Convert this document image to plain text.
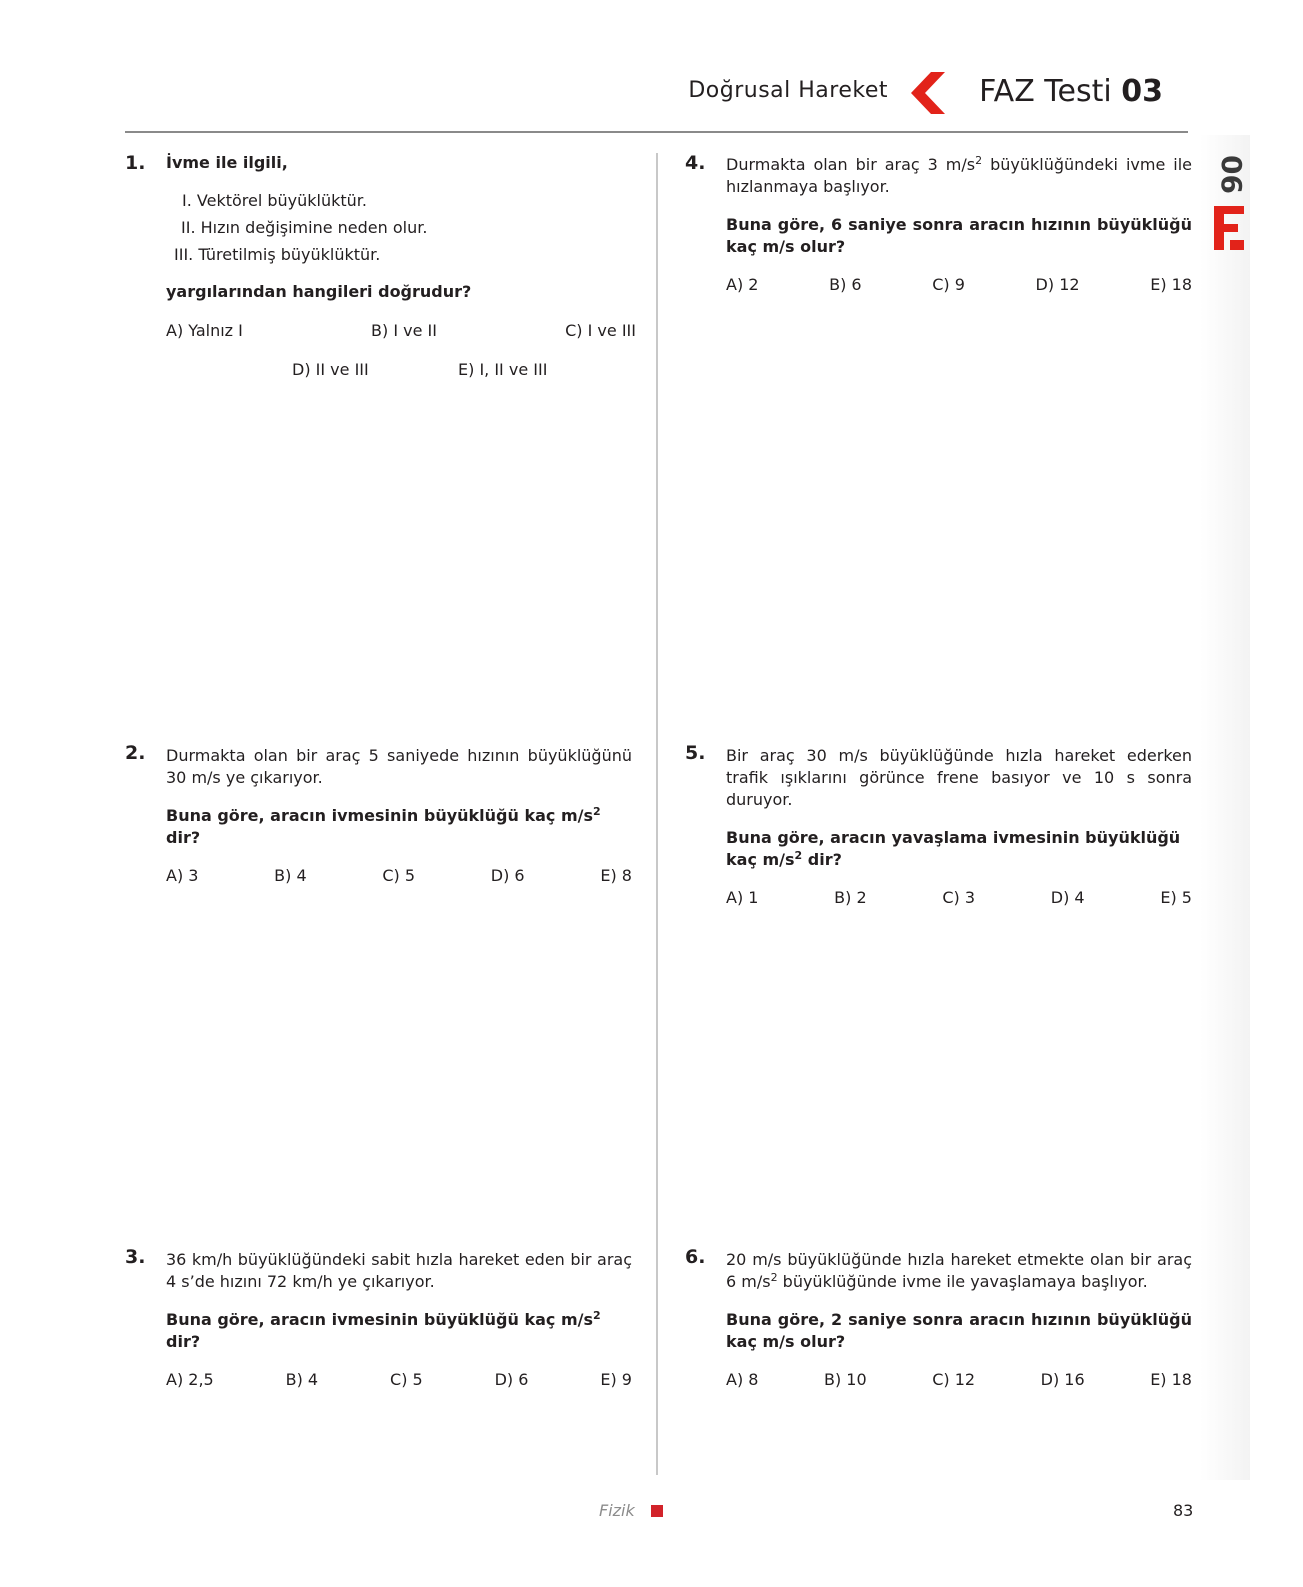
Doğrusal Hareket	FAZ Testi 03
06
1. İvme ile ilgili,
I. Vektörel büyüklüktür.
II. Hızın değişimine neden olur.
III. Türetilmiş büyüklüktür.
yargılarından hangileri doğrudur?
A) Yalnız I	B) I ve II	C) I ve III
D) II ve III	E) I, II ve III
2. Durmakta olan bir araç 5 saniyede hızının büyüklüğünü 30 m/s ye çıkarıyor.
Buna göre, aracın ivmesinin büyüklüğü kaç $m/s^2$ dir?
A) 3	B) 4	C) 5	D) 6	E) 8
3. 36 km/h büyüklüğündeki sabit hızla hareket eden bir araç 4 s’de hızını 72 km/h ye çıkarıyor.
Buna göre, aracın ivmesinin büyüklüğü kaç $m/s^2$ dir?
A) 2,5	B) 4	C) 5	D) 6	E) 9
4. Durmakta olan bir araç 3 $m/s^2$ büyüklüğündeki ivme ile hızlanmaya başlıyor.
Buna göre, 6 saniye sonra aracın hızının büyüklüğü kaç m/s olur?
A) 2	B) 6	C) 9	D) 12	E) 18
5. Bir araç 30 m/s büyüklüğünde hızla hareket ederken trafik ışıklarını görünce frene basıyor ve 10 s sonra duruyor.
Buna göre, aracın yavaşlama ivmesinin büyüklüğü kaç $m/s^2$ dir?
A) 1	B) 2	C) 3	D) 4	E) 5
6. 20 m/s büyüklüğünde hızla hareket etmekte olan bir araç 6 $m/s^2$ büyüklüğünde ivme ile yavaşlamaya başlıyor.
Buna göre, 2 saniye sonra aracın hızının büyüklüğü kaç m/s olur?
A) 8	B) 10	C) 12	D) 16	E) 18
Fizik	83
